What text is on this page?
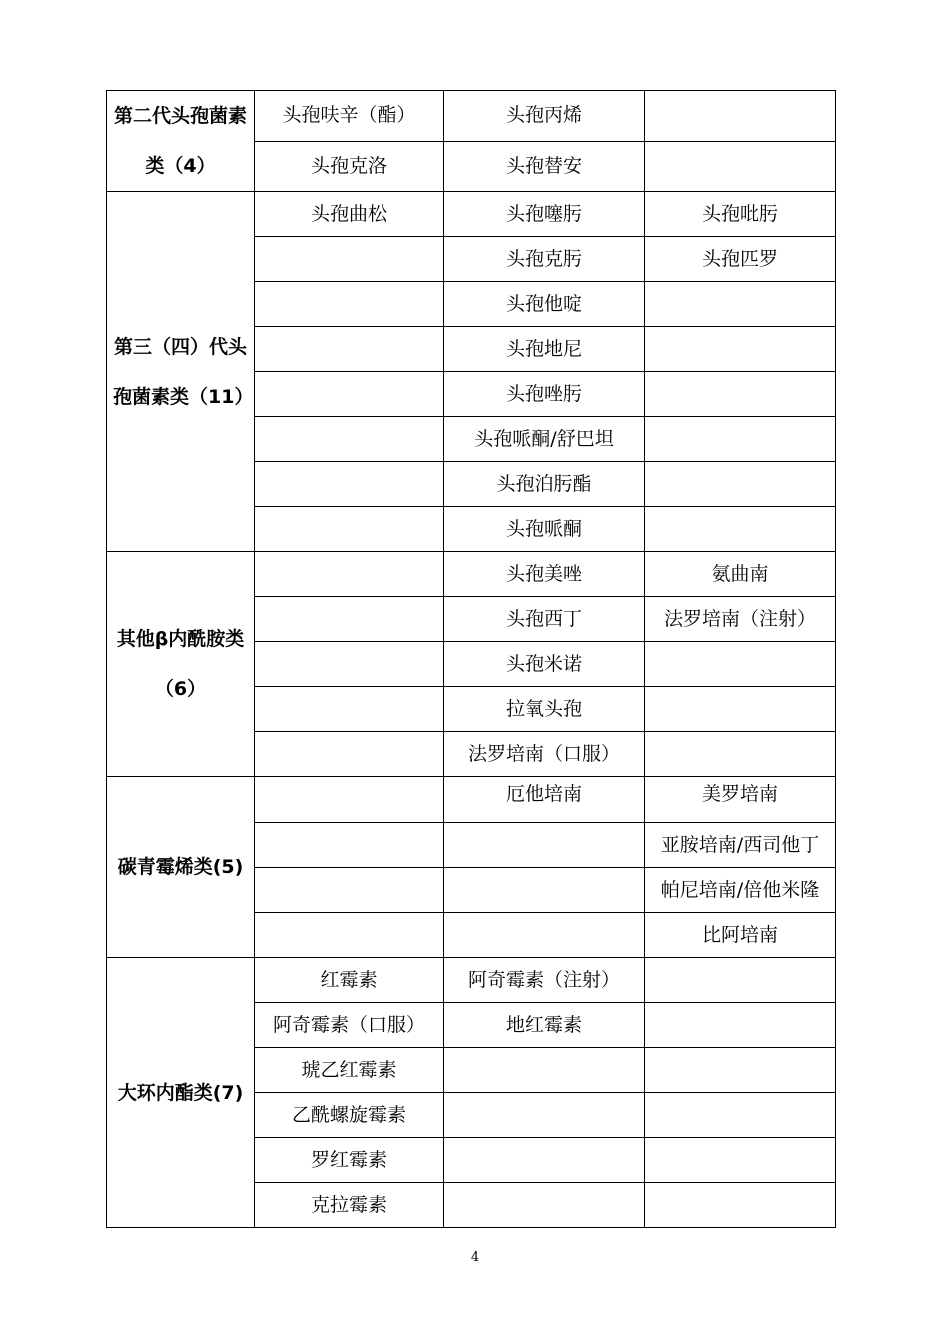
第二代头孢菌素类（4）	头孢呋辛（酯）	头孢丙烯	
	头孢克洛	头孢替安	
第三（四）代头孢菌素类（11）	头孢曲松	头孢噻肟	头孢吡肟
		头孢克肟	头孢匹罗
		头孢他啶	
		头孢地尼	
		头孢唑肟	
		头孢哌酮/舒巴坦	
		头孢泊肟酯	
		头孢哌酮	
其他β内酰胺类（6）		头孢美唑	氨曲南
		头孢西丁	法罗培南（注射）
		头孢米诺	
		拉氧头孢	
		法罗培南（口服）	
碳青霉烯类(5)		厄他培南	美罗培南
			亚胺培南/西司他丁
			帕尼培南/倍他米隆
			比阿培南
大环内酯类(7)	红霉素	阿奇霉素（注射）	
	阿奇霉素（口服）	地红霉素	
	琥乙红霉素		
	乙酰螺旋霉素		
	罗红霉素		
	克拉霉素		
4
